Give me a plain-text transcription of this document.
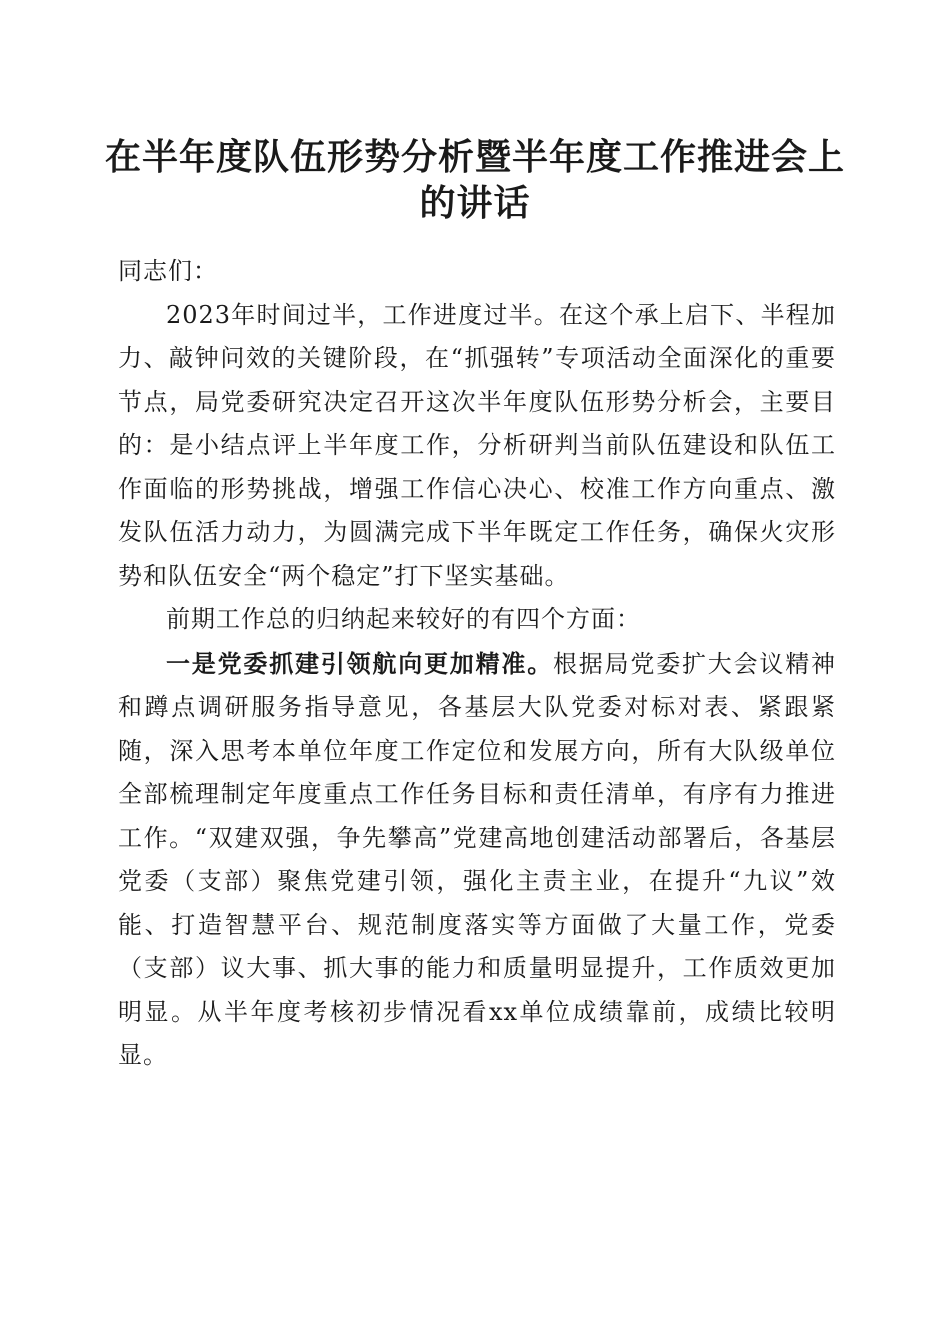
在半年度队伍形势分析暨半年度工作推进会上
的讲话

同志们：

2023年时间过半，工作进度过半。在这个承上启下、半程加力、敲钟问效的关键阶段，在“抓强转”专项活动全面深化的重要节点，局党委研究决定召开这次半年度队伍形势分析会，主要目的：是小结点评上半年度工作，分析研判当前队伍建设和队伍工作面临的形势挑战，增强工作信心决心、校准工作方向重点、激发队伍活力动力，为圆满完成下半年既定工作任务，确保火灾形势和队伍安全“两个稳定”打下坚实基础。

前期工作总的归纳起来较好的有四个方面：

一是党委抓建引领航向更加精准。根据局党委扩大会议精神和蹲点调研服务指导意见，各基层大队党委对标对表、紧跟紧随，深入思考本单位年度工作定位和发展方向，所有大队级单位全部梳理制定年度重点工作任务目标和责任清单，有序有力推进工作。“双建双强，争先攀高”党建高地创建活动部署后，各基层党委（支部）聚焦党建引领，强化主责主业，在提升“九议”效能、打造智慧平台、规范制度落实等方面做了大量工作，党委（支部）议大事、抓大事的能力和质量明显提升，工作质效更加明显。从半年度考核初步情况看xx单位成绩靠前，成绩比较明显。
